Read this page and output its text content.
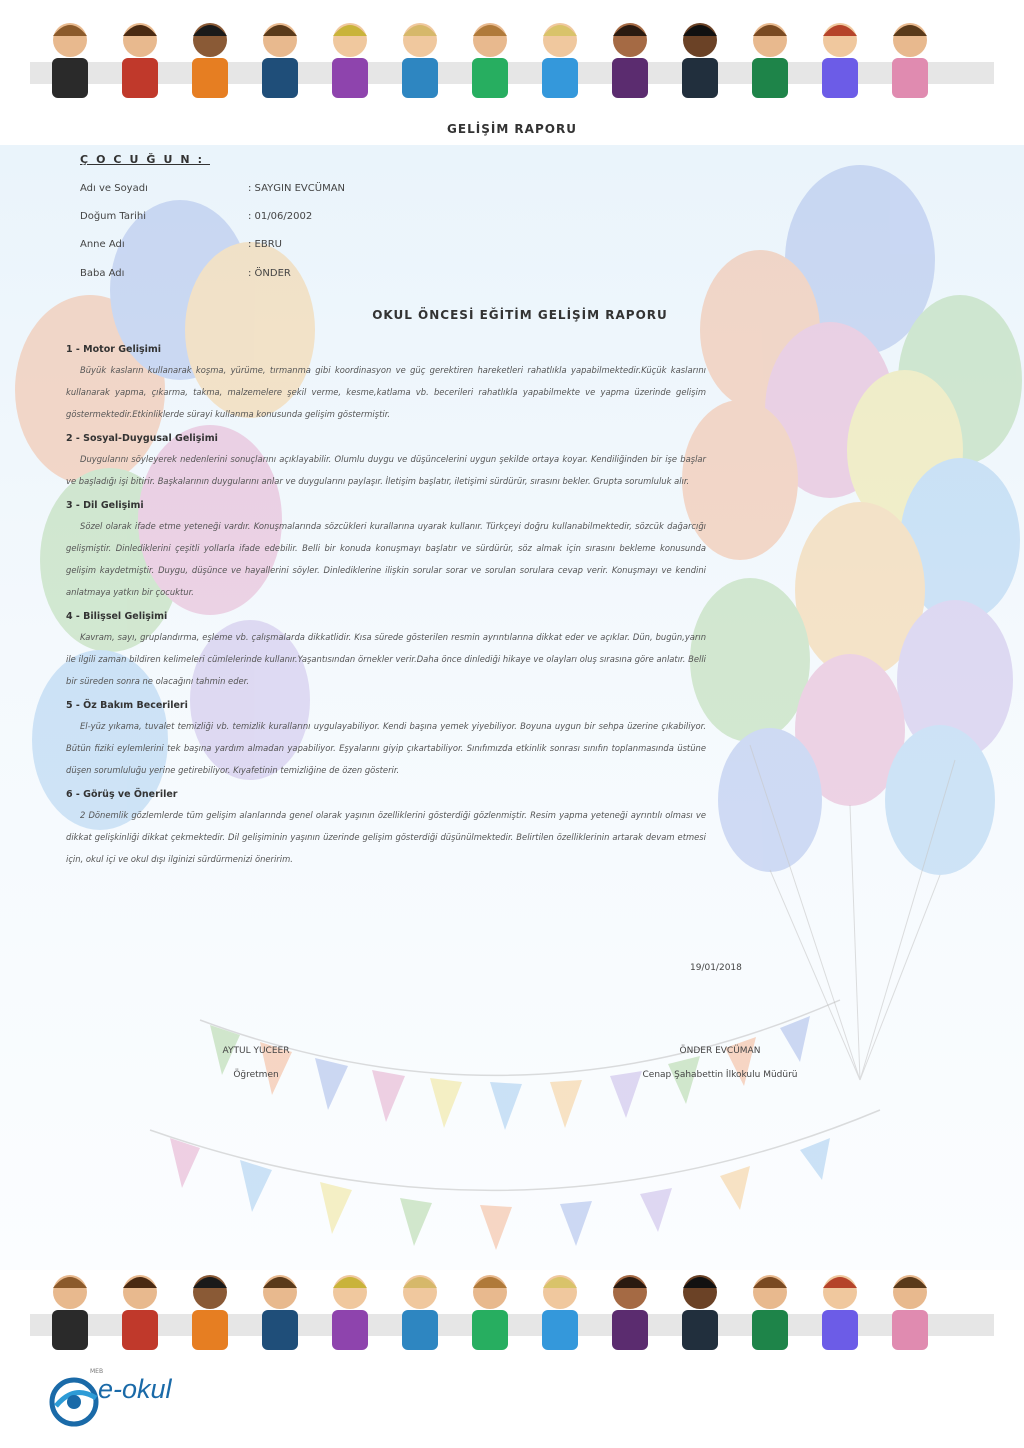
GELİŞİM RAPORU
ÇOCUĞUN:
Adı ve Soyadı	: SAYGIN EVCÜMAN
Doğum Tarihi	: 01/06/2002
Anne Adı	: EBRU
Baba Adı	: ÖNDER
OKUL ÖNCESİ EĞİTİM GELİŞİM RAPORU
1 - Motor Gelişimi

Büyük kasların kullanarak koşma, yürüme, tırmanma gibi koordinasyon ve güç gerektiren hareketleri rahatlıkla yapabilmektedir.Küçük kaslarını kullanarak yapma, çıkarma, takma, malzemelere şekil verme, kesme,katlama vb. becerileri rahatlıkla yapabilmekte ve yapma üzerinde gelişim göstermektedir.Etkinliklerde sürayi kullanma konusunda gelişim göstermiştir.

2 - Sosyal-Duygusal Gelişimi

Duygularını söyleyerek nedenlerini sonuçlarını açıklayabilir. Olumlu duygu ve düşüncelerini uygun şekilde ortaya koyar. Kendiliğinden bir işe başlar ve başladığı işi bitirir. Başkalarının duygularını anlar ve duygularını paylaşır. İletişim başlatır, iletişimi sürdürür, sırasını bekler. Grupta sorumluluk alır.

3 - Dil Gelişimi

Sözel olarak ifade etme yeteneği vardır. Konuşmalarında sözcükleri kurallarına uyarak kullanır. Türkçeyi doğru kullanabilmektedir, sözcük dağarcığı gelişmiştir. Dinlediklerini çeşitli yollarla ifade edebilir. Belli bir konuda konuşmayı başlatır ve sürdürür, söz almak için sırasını bekleme konusunda gelişim kaydetmiştir. Duygu, düşünce ve hayallerini söyler. Dinlediklerine ilişkin sorular sorar ve sorulan sorulara cevap verir. Konuşmayı ve kendini anlatmaya yatkın bir çocuktur.

4 - Bilişsel Gelişimi

Kavram, sayı, gruplandırma, eşleme vb. çalışmalarda dikkatlidir. Kısa sürede gösterilen resmin ayrıntılarına dikkat eder ve açıklar. Dün, bugün,yarın ile ilgili zaman bildiren kelimeleri cümlelerinde kullanır.Yaşantısından örnekler verir.Daha önce dinlediği hikaye ve olayları oluş sırasına göre anlatır. Belli bir süreden sonra ne olacağını tahmin eder.

5 - Öz Bakım Becerileri

El-yüz yıkama, tuvalet temizliği vb. temizlik kurallarını uygulayabiliyor. Kendi başına yemek yiyebiliyor. Boyuna uygun bir sehpa üzerine çıkabiliyor. Bütün fiziki eylemlerini tek başına yardım almadan yapabiliyor. Eşyalarını giyip çıkartabiliyor. Sınıfımızda etkinlik sonrası sınıfın toplanmasında üstüne düşen sorumluluğu yerine getirebiliyor. Kıyafetinin temizliğine de özen gösterir.

6 - Görüş ve Öneriler

2 Dönemlik gözlemlerde tüm gelişim alanlarında genel olarak yaşının özelliklerini gösterdiği gözlenmiştir. Resim yapma yeteneği ayrıntılı olması ve dikkat gelişkinliği dikkat çekmektedir. Dil gelişiminin yaşının üzerinde gelişim gösterdiği düşünülmektedir. Belirtilen özelliklerinin artarak devam etmesi için, okul içi ve okul dışı ilginizi sürdürmenizi öneririm.

19/01/2018
AYTUL YUCEER
Öğretmen
ÖNDER EVCÜMAN
Cenap Şahabettin İlkokulu Müdürü
e-okul
MEB
